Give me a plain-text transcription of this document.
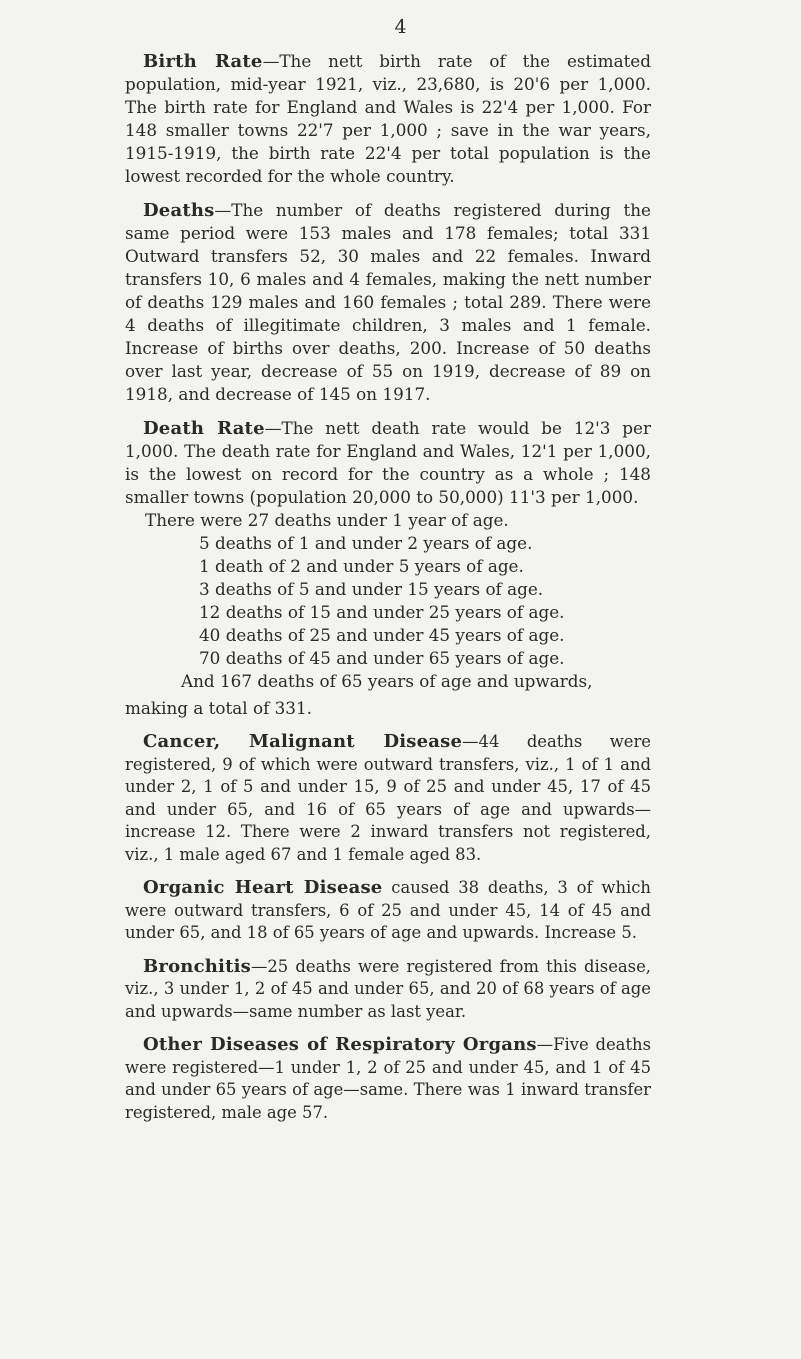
4

Birth Rate—The nett birth rate of the estimated population, mid-year 1921, viz., 23,680, is 20'6 per 1,000. The birth rate for England and Wales is 22'4 per 1,000. For 148 smaller towns 22'7 per 1,000 ; save in the war years, 1915-1919, the birth rate 22'4 per total population is the lowest recorded for the whole country.

Deaths—The number of deaths registered during the same period were 153 males and 178 females; total 331 Outward transfers 52, 30 males and 22 females. Inward transfers 10, 6 males and 4 females, making the nett number of deaths 129 males and 160 females ; total 289. There were 4 deaths of illegitimate children, 3 males and 1 female. Increase of births over deaths, 200. Increase of 50 deaths over last year, decrease of 55 on 1919, decrease of 89 on 1918, and decrease of 145 on 1917.

Death Rate—The nett death rate would be 12'3 per 1,000. The death rate for England and Wales, 12'1 per 1,000, is the lowest on record for the country as a whole ; 148 smaller towns (population 20,000 to 50,000) 11'3 per 1,000.

There were 27 deaths under 1 year of age.
5 deaths of 1 and under 2 years of age.
1 death of 2 and under 5 years of age.
3 deaths of 5 and under 15 years of age.
12 deaths of 15 and under 25 years of age.
40 deaths of 25 and under 45 years of age.
70 deaths of 45 and under 65 years of age.
And 167 deaths of 65 years of age and upwards,

making a total of 331.

Cancer, Malignant Disease—44 deaths were registered, 9 of which were outward transfers, viz., 1 of 1 and under 2, 1 of 5 and under 15, 9 of 25 and under 45, 17 of 45 and under 65, and 16 of 65 years of age and upwards—increase 12. There were 2 inward transfers not registered, viz., 1 male aged 67 and 1 female aged 83.

Organic Heart Disease caused 38 deaths, 3 of which were outward transfers, 6 of 25 and under 45, 14 of 45 and under 65, and 18 of 65 years of age and upwards. Increase 5.

Bronchitis—25 deaths were registered from this disease, viz., 3 under 1, 2 of 45 and under 65, and 20 of 68 years of age and upwards—same number as last year.

Other Diseases of Respiratory Organs—Five deaths were registered—1 under 1, 2 of 25 and under 45, and 1 of 45 and under 65 years of age—same. There was 1 inward transfer registered, male age 57.
